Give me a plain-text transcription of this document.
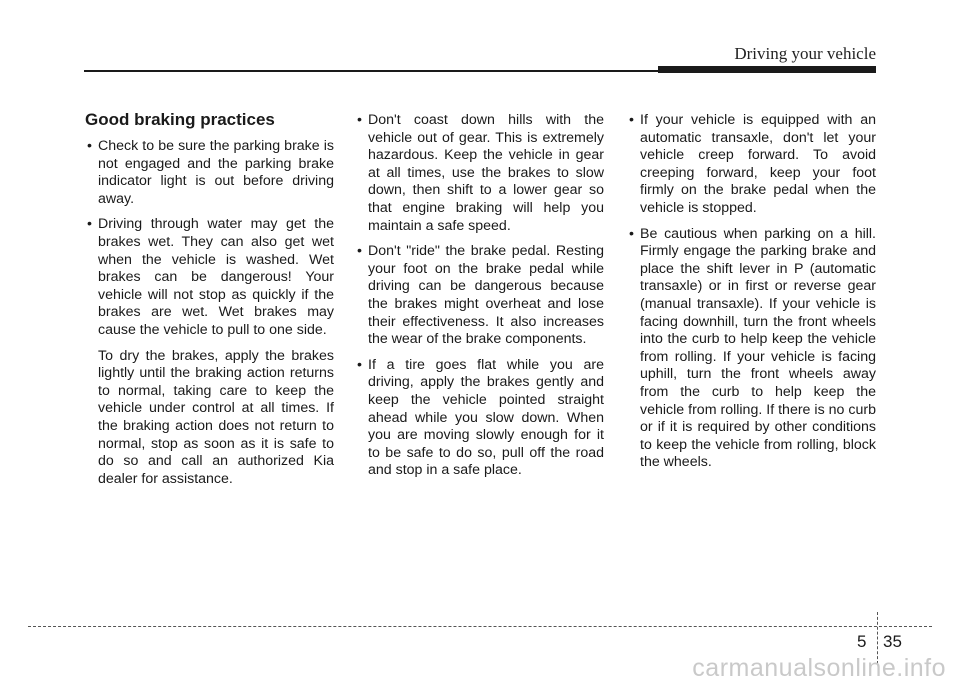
Driving your vehicle
Good braking practices
• Check to be sure the parking brake is not engaged and the parking brake indicator light is out before driving away.
• Driving through water may get the brakes wet. They can also get wet when the vehicle is washed. Wet brakes can be dangerous! Your vehicle will not stop as quickly if the brakes are wet. Wet brakes may cause the vehicle to pull to one side.

To dry the brakes, apply the brakes lightly until the braking action returns to normal, taking care to keep the vehicle under control at all times. If the braking action does not return to normal, stop as soon as it is safe to do so and call an authorized Kia dealer for assistance.

• Don't coast down hills with the vehicle out of gear. This is extremely hazardous. Keep the vehicle in gear at all times, use the brakes to slow down, then shift to a lower gear so that engine braking will help you maintain a safe speed.
• Don't "ride" the brake pedal. Resting your foot on the brake pedal while driving can be dangerous because the brakes might overheat and lose their effectiveness. It also increases the wear of the brake components.
• If a tire goes flat while you are driving, apply the brakes gently and keep the vehicle pointed straight ahead while you slow down. When you are moving slowly enough for it to be safe to do so, pull off the road and stop in a safe place.
• If your vehicle is equipped with an automatic transaxle, don't let your vehicle creep forward. To avoid creeping forward, keep your foot firmly on the brake pedal when the vehicle is stopped.
• Be cautious when parking on a hill. Firmly engage the parking brake and place the shift lever in P (automatic transaxle) or in first or reverse gear (manual transaxle). If your vehicle is facing downhill, turn the front wheels into the curb to help keep the vehicle from rolling. If your vehicle is facing uphill, turn the front wheels away from the curb to help keep the vehicle from rolling. If there is no curb or if it is required by other conditions to keep the vehicle from rolling, block the wheels.
5 35
carmanualsonline.info
